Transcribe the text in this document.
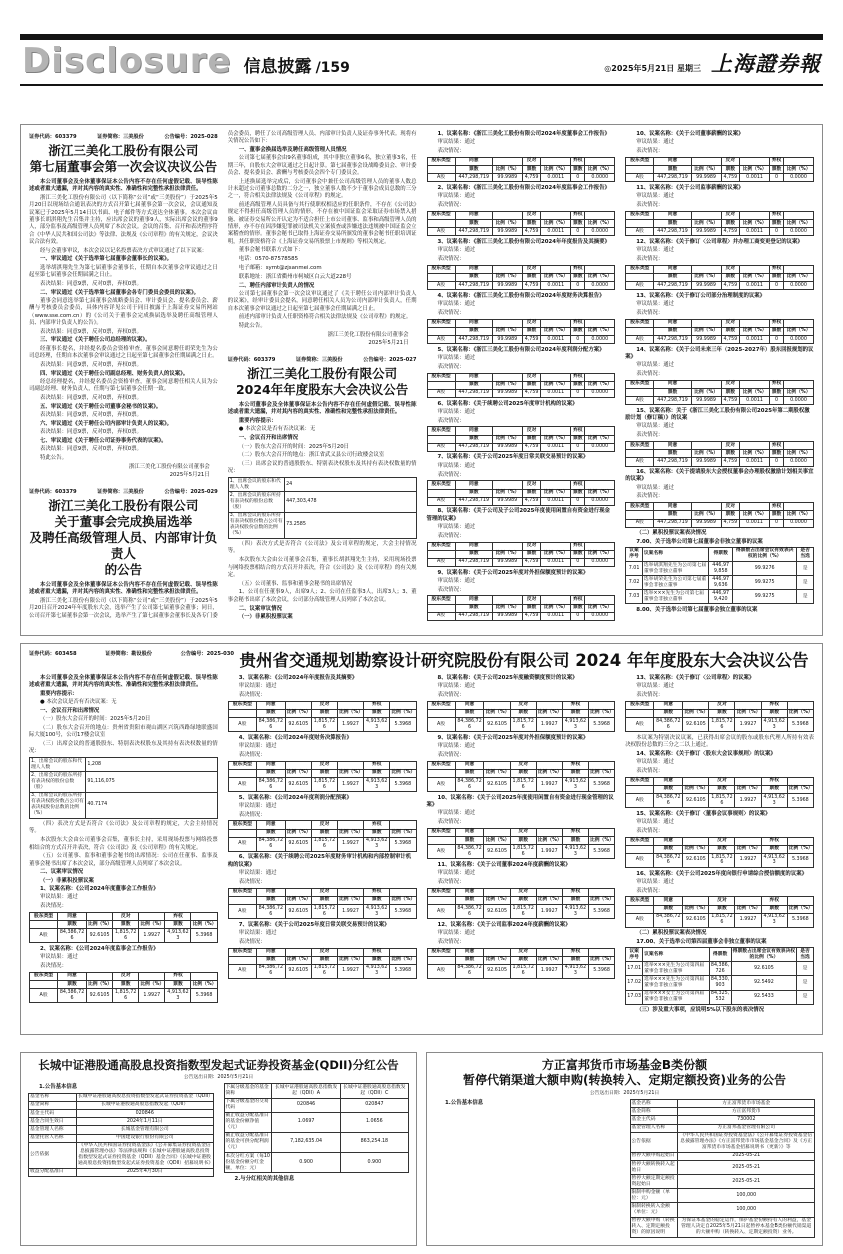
Disclosure 信息披露 /159	◎2025年5月21日 星期三 上海證券報
证券代码：603379	证券简称：三美股份	公告编号：2025-028
浙江三美化工股份有限公司
第七届董事会第一次会议决议公告
本公司董事会及全体董事保证本公告内容不存在任何虚假记载、误导性陈述或者重大遗漏，并对其内容的真实性、准确性和完整性承担法律责任。
浙江三美化工股份有限公司（以下简称“公司”或“三美股份”）于2025年5月20日以现场结合通讯表决的方式召开第七届董事会第一次会议，会议通知及议案已于2025年5月14日以书面、电子邮件等方式送达全体董事。本次会议由董事长胡淇翔先生召集并主持，应出席会议的董事9人，实际出席会议的董事9人，部分监事及高级管理人员列席了本次会议。会议的召集、召开和表决程序符合《中华人民共和国公司法》等法律、法规及《公司章程》的有关规定，会议决议合法有效。
经与会董事审议，本次会议以记名投票表决方式审议通过了以下议案：
一、审议通过《关于选举第七届董事会董事长的议案》。
选举胡淇翔先生为第七届董事会董事长，任期自本次董事会审议通过之日起至第七届董事会任期届满之日止。
表决结果：同意9票，反对0票，弃权0票。
二、审议通过《关于选举第七届董事会各专门委员会委员的议案》。
董事会同意选举第七届董事会战略委员会、审计委员会、提名委员会、薪酬与考核委员会委员，具体内容详见公司于同日披露于上海证券交易所网站（www.sse.com.cn）的《公司关于董事会完成换届选举及聘任高级管理人员、内部审计负责人的公告》。
表决结果：同意9票，反对0票，弃权0票。
三、审议通过《关于聘任公司总经理的议案》。
经董事长提名，并经提名委员会资格审查，董事会同意聘任胡荣先生为公司总经理，任期自本次董事会审议通过之日起至第七届董事会任期届满之日止。
表决结果：同意9票，反对0票，弃权0票。
四、审议通过《关于聘任公司副总经理、财务负责人的议案》。
经总经理提名，并经提名委员会资格审查，董事会同意聘任相关人员为公司副总经理、财务负责人，任期与第七届董事会任期一致。
表决结果：同意9票，反对0票，弃权0票。
五、审议通过《关于聘任公司董事会秘书的议案》。
表决结果：同意9票，反对0票，弃权0票。
六、审议通过《关于聘任公司内部审计负责人的议案》。
表决结果：同意9票，反对0票，弃权0票。
七、审议通过《关于聘任公司证券事务代表的议案》。
表决结果：同意9票，反对0票，弃权0票。
特此公告。
浙江三美化工股份有限公司董事会
2025年5月21日
证券代码：603379	证券简称：三美股份	公告编号：2025-029
浙江三美化工股份有限公司
关于董事会完成换届选举
及聘任高级管理人员、内部审计负责人
的公告
本公司董事会及全体董事保证本公告内容不存在任何虚假记载、误导性陈述或者重大遗漏，并对其内容的真实性、准确性和完整性承担法律责任。
浙江三美化工股份有限公司（以下简称“公司”或“三美股份”）于2025年5月20日召开2024年年度股东大会，选举产生了公司第七届董事会董事；同日，公司召开第七届董事会第一次会议，选举产生了第七届董事会董事长及各专门委员会委员，聘任了公司高级管理人员、内部审计负责人及证券事务代表。现将有关情况公告如下：
一、董事会换届选举及聘任高级管理人员情况
公司第七届董事会由9名董事组成，其中非独立董事6名，独立董事3名，任期三年，自股东大会审议通过之日起计算。第七届董事会设战略委员会、审计委员会、提名委员会、薪酬与考核委员会四个专门委员会。
上述换届选举完成后，公司董事会中兼任公司高级管理人员的董事人数总计未超过公司董事总数的二分之一，独立董事人数不少于董事会成员总数的三分之一，符合相关法律法规及《公司章程》的规定。
前述高级管理人员具备与其行使职权相适应的任职条件，不存在《公司法》规定不得担任高级管理人员的情形，不存在被中国证监会采取证券市场禁入措施、被证券交易所公开认定为不适合担任上市公司董事、监事和高级管理人员的情形，亦不存在因涉嫌犯罪被司法机关立案侦查或涉嫌违法违规被中国证监会立案稽查的情形。董事会秘书已取得上海证券交易所颁发的董事会秘书任职培训证明，其任职资格符合《上海证券交易所股票上市规则》等相关规定。
董事会秘书联系方式如下：
电话：0570-87578585
电子邮箱：symt@zjsanmei.com
联系地址：浙江省衢州市柯城区白云大道228号
二、聘任内部审计负责人的情况
公司第七届董事会第一次会议审议通过了《关于聘任公司内部审计负责人的议案》，经审计委员会提名，同意聘任相关人员为公司内部审计负责人，任期自本次董事会审议通过之日起至第七届董事会任期届满之日止。
前述内部审计负责人任职资格符合相关法律法规及《公司章程》的规定。
特此公告。
浙江三美化工股份有限公司董事会
2025年5月21日
证券代码：603379	证券简称：三美股份	公告编号：2025-027
浙江三美化工股份有限公司
2024年年度股东大会决议公告
本公司董事会及全体董事保证本公告内容不存在任何虚假记载、误导性陈述或者重大遗漏，并对其内容的真实性、准确性和完整性承担法律责任。
重要内容提示：
● 本次会议是否有否决议案：无
一、会议召开和出席情况
（一）股东大会召开的时间：2025年5月20日
（二）股东大会召开的地点：浙江省武义县公司行政楼会议室
（三）出席会议的普通股股东、特别表决权股东及其持有表决权数量的情况：
1、出席会议的股东和代理人人数	24
2、出席会议的股东所持有表决权的股份总数（股）	447,303,478
3、出席会议的股东所持有表决权股份数占公司有表决权股份总数的比例（%）	73.2585
（四）表决方式是否符合《公司法》及公司章程的规定，大会主持情况等。
本次股东大会由公司董事会召集，董事长胡淇翔先生主持，采用现场投票与网络投票相结合的方式召开并表决，符合《公司法》及《公司章程》的有关规定。
（五）公司董事、监事和董事会秘书的出席情况
1、公司在任董事9人，出席9人；2、公司在任监事3人，出席3人；3、董事会秘书出席了本次会议，公司部分高级管理人员列席了本次会议。
二、议案审议情况
（一）非累积投票议案
1、议案名称：《浙江三美化工股份有限公司2024年度董事会工作报告》
审议结果：通过
表决情况：
股东类型	同意		反对		弃权	
	票数	比例（%）	票数	比例（%）	票数	比例（%）
A股	447,298,719	99.9989	4,759	0.0011	0	0.0000
2、议案名称：《浙江三美化工股份有限公司2024年度监事会工作报告》
审议结果：通过
表决情况：
股东类型	同意		反对		弃权	
	票数	比例（%）	票数	比例（%）	票数	比例（%）
A股	447,298,719	99.9989	4,759	0.0011	0	0.0000
3、议案名称：《浙江三美化工股份有限公司2024年年度报告及其摘要》
审议结果：通过
表决情况：
股东类型	同意		反对		弃权	
	票数	比例（%）	票数	比例（%）	票数	比例（%）
A股	447,298,719	99.9989	4,759	0.0011	0	0.0000
4、议案名称：《浙江三美化工股份有限公司2024年度财务决算报告》
审议结果：通过
表决情况：
股东类型	同意		反对		弃权	
	票数	比例（%）	票数	比例（%）	票数	比例（%）
A股	447,298,719	99.9989	4,759	0.0011	0	0.0000
5、议案名称：《浙江三美化工股份有限公司2024年度利润分配方案》
审议结果：通过
表决情况：
股东类型	同意		反对		弃权	
	票数	比例（%）	票数	比例（%）	票数	比例（%）
A股	447,298,719	99.9989	4,759	0.0011	0	0.0000
6、议案名称：《关于续聘公司2025年度审计机构的议案》
审议结果：通过
表决情况：
股东类型	同意		反对		弃权	
	票数	比例（%）	票数	比例（%）	票数	比例（%）
A股	447,298,719	99.9989	4,759	0.0011	0	0.0000
7、议案名称：《关于公司2025年度日常关联交易预计的议案》
审议结果：通过
表决情况：
股东类型	同意		反对		弃权	
	票数	比例（%）	票数	比例（%）	票数	比例（%）
A股	447,298,719	99.9989	4,759	0.0011	0	0.0000
8、议案名称：《关于公司及子公司2025年度使用闲置自有资金进行现金管理的议案》
审议结果：通过
表决情况：
股东类型	同意		反对		弃权	
	票数	比例（%）	票数	比例（%）	票数	比例（%）
A股	447,298,719	99.9989	4,759	0.0011	0	0.0000
9、议案名称：《关于公司2025年度对外担保额度预计的议案》
审议结果：通过
表决情况：
股东类型	同意		反对		弃权	
	票数	比例（%）	票数	比例（%）	票数	比例（%）
A股	447,298,719	99.9989	4,759	0.0011	0	0.0000
10、议案名称：《关于公司董事薪酬的议案》
审议结果：通过
表决情况：
股东类型	同意		反对		弃权	
	票数	比例（%）	票数	比例（%）	票数	比例（%）
A股	447,298,719	99.9989	4,759	0.0011	0	0.0000
11、议案名称：《关于公司监事薪酬的议案》
审议结果：通过
表决情况：
股东类型	同意		反对		弃权	
	票数	比例（%）	票数	比例（%）	票数	比例（%）
A股	447,298,719	99.9989	4,759	0.0011	0	0.0000
12、议案名称：《关于修订〈公司章程〉并办理工商变更登记的议案》
审议结果：通过
表决情况：
股东类型	同意		反对		弃权	
	票数	比例（%）	票数	比例（%）	票数	比例（%）
A股	447,298,719	99.9989	4,759	0.0011	0	0.0000
13、议案名称：《关于修订公司部分治理制度的议案》
审议结果：通过
表决情况：
股东类型	同意		反对		弃权	
	票数	比例（%）	票数	比例（%）	票数	比例（%）
A股	447,298,719	99.9989	4,759	0.0011	0	0.0000
14、议案名称：《关于公司未来三年（2025-2027年）股东回报规划的议案》
审议结果：通过
表决情况：
股东类型	同意		反对		弃权	
	票数	比例（%）	票数	比例（%）	票数	比例（%）
A股	447,298,719	99.9989	4,759	0.0011	0	0.0000
15、议案名称：关于《浙江三美化工股份有限公司2025年第二期股权激励计划（修订稿）》的议案
审议结果：通过
表决情况：
股东类型	同意		反对		弃权	
	票数	比例（%）	票数	比例（%）	票数	比例（%）
A股	447,298,719	99.9989	4,759	0.0011	0	0.0000
16、议案名称：《关于提请股东大会授权董事会办理股权激励计划相关事宜的议案》
审议结果：通过
表决情况：
股东类型	同意		反对		弃权	
	票数	比例（%）	票数	比例（%）	票数	比例（%）
A股	447,298,719	99.9989	4,759	0.0011	0	0.0000
（二）累积投票议案表决情况
7.00、关于选举公司第七届董事会非独立董事的议案
议案序号	议案名称	得票数	得票数占出席会议有效表决权的比例（%）	是否当选
7.01	选举胡淇翔先生为公司第七届董事会非独立董事	446,979,858	99.9276	是
7.02	选举胡荣先生为公司第七届董事会非独立董事	446,979,636	99.9275	是
7.03	选举×××先生为公司第七届董事会非独立董事	446,979,420	99.9275	是
8.00、关于选举公司第七届董事会独立董事的议案

证券代码：603458	证券简称：勘设股份	公告编号：2025-030 贵州省交通规划勘察设计研究院股份有限公司 2024 年年度股东大会决议公告
本公司董事会及全体董事保证本公告内容不存在任何虚假记载、误导性陈述或者重大遗漏，并对其内容的真实性、准确性和完整性承担法律责任。
重要内容提示：
● 本次会议是否有否决议案：无
一、会议召开和出席情况
（一）股东大会召开的时间：2025年5月20日
（二）股东大会召开的地点：贵州省贵阳市观山湖区兴筑西路绿地联盛国际大厦100号，公司17楼会议室
（三）出席会议的普通股股东、特别表决权股东及其持有表决权数量的情况：
1、出席会议的股东和代理人人数	1,208
2、出席会议的股东所持有表决权的股份总数（股）	91,116,075
3、出席会议的股东所持有表决权股份数占公司有表决权股份总数的比例（%）	40.7174
（四）表决方式是否符合《公司法》及公司章程的规定，大会主持情况等。
本次股东大会由公司董事会召集，董事长主持，采用现场投票与网络投票相结合的方式召开并表决，符合《公司法》及《公司章程》的有关规定。
（五）公司董事、监事和董事会秘书的出席情况：公司在任董事、监事及董事会秘书出席了本次会议，部分高级管理人员列席了本次会议。
二、议案审议情况
（一）非累积投票议案
1、议案名称：《公司2024年度董事会工作报告》
审议结果：通过
表决情况：
股东类型	同意		反对		弃权	
	票数	比例（%）	票数	比例（%）	票数	比例（%）
A股	84,386,726	92.6105	1,815,726	1.9927	4,913,623	5.3968
2、议案名称：《公司2024年度监事会工作报告》
审议结果：通过
表决情况：
股东类型	同意		反对		弃权	
	票数	比例（%）	票数	比例（%）	票数	比例（%）
A股	84,386,726	92.6105	1,815,726	1.9927	4,913,623	5.3968
3、议案名称：《公司2024年年度报告及其摘要》
审议结果：通过
表决情况：
股东类型	同意		反对		弃权	
	票数	比例（%）	票数	比例（%）	票数	比例（%）
A股	84,386,726	92.6105	1,815,726	1.9927	4,913,623	5.3968
4、议案名称：《公司2024年度财务决算报告》
审议结果：通过
表决情况：
股东类型	同意		反对		弃权	
	票数	比例（%）	票数	比例（%）	票数	比例（%）
A股	84,386,726	92.6105	1,815,726	1.9927	4,913,623	5.3968
5、议案名称：《公司2024年度利润分配预案》
审议结果：通过
表决情况：
股东类型	同意		反对		弃权	
	票数	比例（%）	票数	比例（%）	票数	比例（%）
A股	84,386,726	92.6105	1,815,726	1.9927	4,913,623	5.3968
6、议案名称：《关于续聘公司2025年度财务审计机构和内部控制审计机构的议案》
审议结果：通过
表决情况：
股东类型	同意		反对		弃权	
	票数	比例（%）	票数	比例（%）	票数	比例（%）
A股	84,386,726	92.6105	1,815,726	1.9927	4,913,623	5.3968
7、议案名称：《关于公司2025年度日常关联交易预计的议案》
审议结果：通过
表决情况：
股东类型	同意		反对		弃权	
	票数	比例（%）	票数	比例（%）	票数	比例（%）
A股	84,386,726	92.6105	1,815,726	1.9927	4,913,623	5.3968
8、议案名称：《关于公司2025年度融资额度预计的议案》
审议结果：通过
表决情况：
股东类型	同意		反对		弃权	
	票数	比例（%）	票数	比例（%）	票数	比例（%）
A股	84,386,726	92.6105	1,815,726	1.9927	4,913,623	5.3968
9、议案名称：《关于公司2025年度对外担保额度预计的议案》
审议结果：通过
表决情况：
股东类型	同意		反对		弃权	
	票数	比例（%）	票数	比例（%）	票数	比例（%）
A股	84,386,726	92.6105	1,815,726	1.9927	4,913,623	5.3968
10、议案名称：《关于公司2025年度使用闲置自有资金进行现金管理的议案》
审议结果：通过
表决情况：
股东类型	同意		反对		弃权	
	票数	比例（%）	票数	比例（%）	票数	比例（%）
A股	84,386,726	92.6105	1,815,726	1.9927	4,913,623	5.3968
11、议案名称：《关于公司董事2024年度薪酬的议案》
审议结果：通过
表决情况：
股东类型	同意		反对		弃权	
	票数	比例（%）	票数	比例（%）	票数	比例（%）
A股	84,386,726	92.6105	1,815,726	1.9927	4,913,623	5.3968
12、议案名称：《关于公司监事2024年度薪酬的议案》
审议结果：通过
表决情况：
股东类型	同意		反对		弃权	
	票数	比例（%）	票数	比例（%）	票数	比例（%）
A股	84,386,726	92.6105	1,815,726	1.9927	4,913,623	5.3968
13、议案名称：《关于修订〈公司章程〉的议案》
审议结果：通过
表决情况：
股东类型	同意		反对		弃权	
	票数	比例（%）	票数	比例（%）	票数	比例（%）
A股	84,386,726	92.6105	1,815,726	1.9927	4,913,623	5.3968
本议案为特别决议议案，已获得出席会议的股东或股东代理人所持有效表决权股份总数的三分之二以上通过。
14、议案名称：《关于修订〈股东大会议事规则〉的议案》
审议结果：通过
表决情况：
股东类型	同意		反对		弃权	
	票数	比例（%）	票数	比例（%）	票数	比例（%）
A股	84,386,726	92.6105	1,815,726	1.9927	4,913,623	5.3968
15、议案名称：《关于修订〈董事会议事规则〉的议案》
审议结果：通过
表决情况：
股东类型	同意		反对		弃权	
	票数	比例（%）	票数	比例（%）	票数	比例（%）
A股	84,386,726	92.6105	1,815,726	1.9927	4,913,623	5.3968
16、议案名称：《关于公司2025年度向银行申请综合授信额度的议案》
审议结果：通过
表决情况：
股东类型	同意		反对		弃权	
	票数	比例（%）	票数	比例（%）	票数	比例（%）
A股	84,386,726	92.6105	1,815,726	1.9927	4,913,623	5.3968
（二）累积投票议案表决情况
17.00、关于选举公司第四届董事会非独立董事的议案
议案序号	议案名称	得票数	得票数占出席会议有效表决权的比例（%）	是否当选
17.01	选举×××先生为公司第四届董事会非独立董事	84,386,726	92.6105	是
17.02	选举×××先生为公司第四届董事会非独立董事	84,330,903	92.5492	是
17.03	选举×××女士为公司第四届董事会非独立董事	84,325,532	92.5433	是
（三）涉及重大事项，应说明5%以下股东的表决情况

长城中证港股通高股息投资指数型发起式证券投资基金(QDII)分红公告
公告送出日期：2025年5月21日
1.公告基本信息
基金名称	长城中证港股通高股息投资指数型发起式证券投资基金（QDII）
基金简称	长城中证港股通高股息指数发起（QDII）
基金主代码	020846
基金合同生效日	2024年1月11日
基金管理人名称	长城基金管理有限公司
基金托管人名称	中国建设银行股份有限公司
公告依据	《中华人民共和国证券投资基金法》《公开募集证券投资基金信息披露管理办法》等法律法规和《长城中证港股通高股息投资指数型发起式证券投资基金（QDII）基金合同》《长城中证港股通高股息投资指数型发起式证券投资基金（QDII）招募说明书》
收益分配基准日	2025年4月30日
下属分级基金的基金简称	长城中证港股通高股息指数发起（QDII）A	长城中证港股通高股息指数发起（QDII）C
下属分级基金的交易代码	020846	020847
截止收益分配基准日的基金份额净值（元）	1.0697	1.0656
截止收益分配基准日的基金可供分配利润（元）	7,182,635.04	863,254.18
本次分红方案（每10份基金份额分红金额，单位：元）	0.900	0.900
2.与分红相关的其他信息

方正富邦货币市场基金B类份额
暂停代销渠道大额申购(转换转入、定期定额投资)业务的公告
公告送出日期：2025年5月21日
1.公告基本信息	基金名称	方正富邦货币市场基金
基金简称	方正富邦货币
基金主代码	730002
基金管理人名称	方正富邦基金管理有限公司
公告依据	《中华人民共和国证券投资基金法》《公开募集证券投资基金信息披露管理办法》《方正富邦货币市场基金基金合同》及《方正富邦货币市场基金招募说明书（更新）》等
暂停大额申购起始日	2025-05-21
暂停大额转换转入起始日	2025-05-21
暂停大额定期定额投资起始日	2025-05-21
限制申购金额（单位：元）	100,000
限制转换转入金额（单位：元）	100,000
暂停大额申购（转换转入、定期定额投资）的原因说明	为保证本基金的稳定运作，保护基金份额持有人的利益，基金管理人决定自2025年5月21日起暂停本基金B类份额代销渠道的大额申购（转换转入、定期定额投资）业务。
